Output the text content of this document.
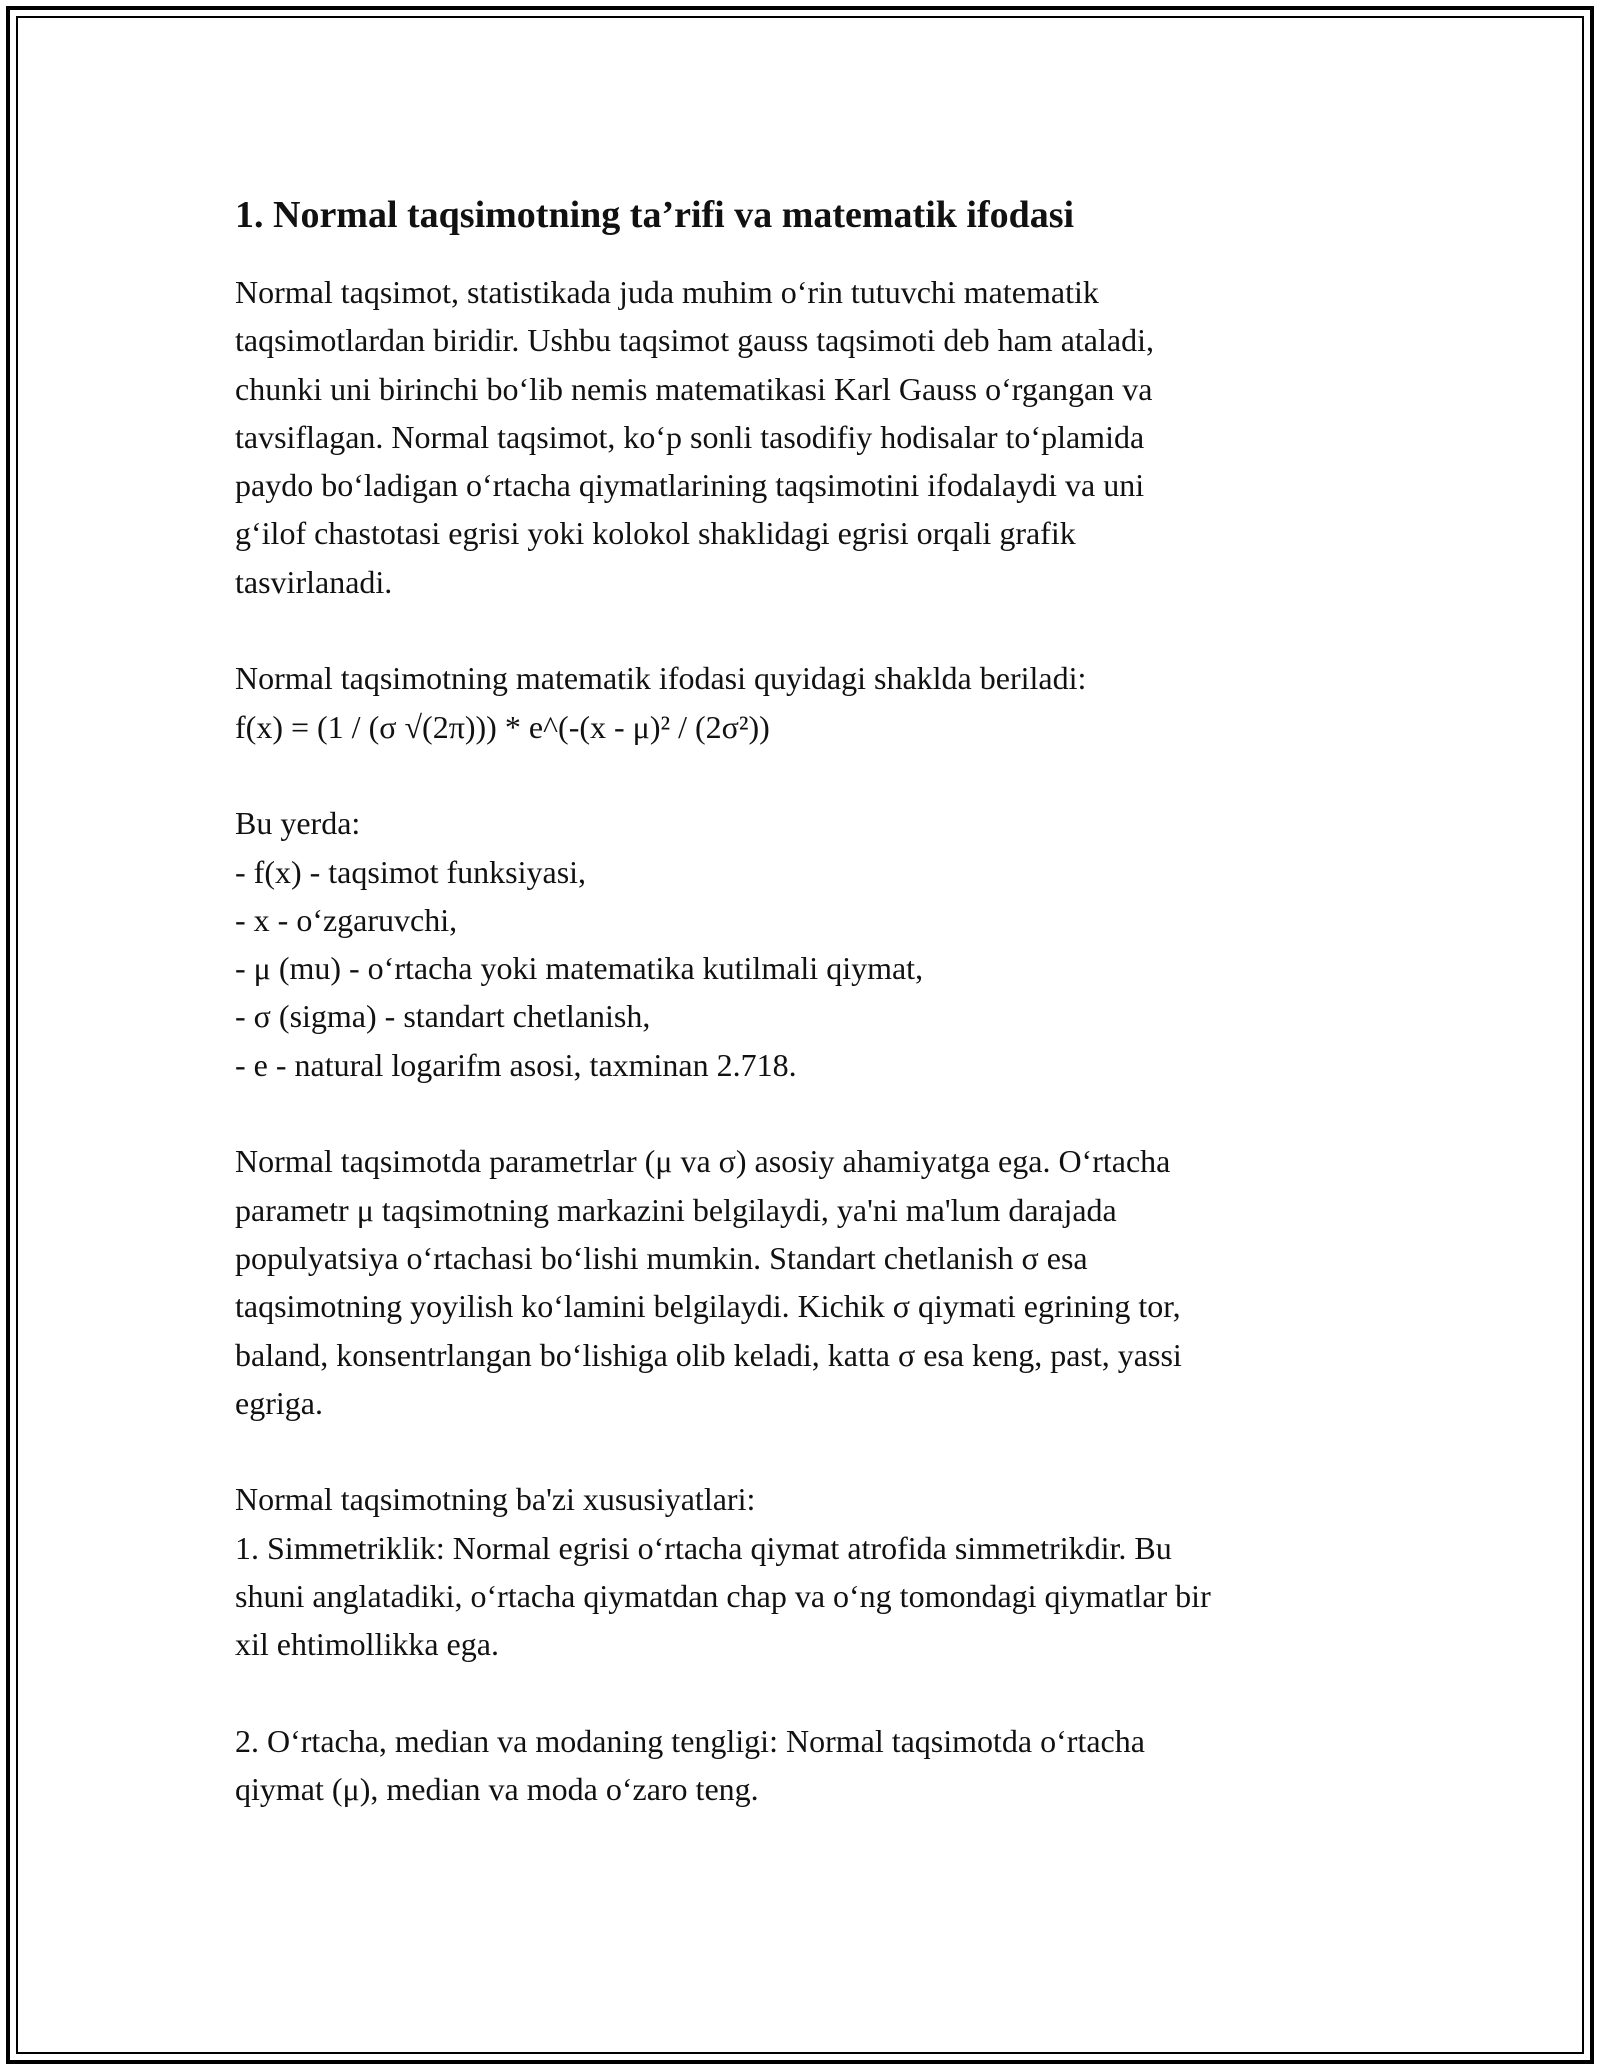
1. Normal taqsimotning ta’rifi va matematik ifodasi

Normal taqsimot, statistikada juda muhim o‘rin tutuvchi matematik
taqsimotlardan biridir. Ushbu taqsimot gauss taqsimoti deb ham ataladi,
chunki uni birinchi bo‘lib nemis matematikasi Karl Gauss o‘rgangan va
tavsiflagan. Normal taqsimot, ko‘p sonli tasodifiy hodisalar to‘plamida
paydo bo‘ladigan o‘rtacha qiymatlarining taqsimotini ifodalaydi va uni
g‘ilof chastotasi egrisi yoki kolokol shaklidagi egrisi orqali grafik
tasvirlanadi.

Normal taqsimotning matematik ifodasi quyidagi shaklda beriladi:
f(x) = (1 / (σ √(2π))) * e^(-(x - μ)² / (2σ²))

Bu yerda:
- f(x) - taqsimot funksiyasi,
- x - o‘zgaruvchi,
- μ (mu) - o‘rtacha yoki matematika kutilmali qiymat,
- σ (sigma) - standart chetlanish,
- e - natural logarifm asosi, taxminan 2.718.

Normal taqsimotda parametrlar (μ va σ) asosiy ahamiyatga ega. O‘rtacha
parametr μ taqsimotning markazini belgilaydi, ya'ni ma'lum darajada
populyatsiya o‘rtachasi bo‘lishi mumkin. Standart chetlanish σ esa
taqsimotning yoyilish ko‘lamini belgilaydi. Kichik σ qiymati egrining tor,
baland, konsentrlangan bo‘lishiga olib keladi, katta σ esa keng, past, yassi
egriga.

Normal taqsimotning ba'zi xususiyatlari:
1. Simmetriklik: Normal egrisi o‘rtacha qiymat atrofida simmetrikdir. Bu
shuni anglatadiki, o‘rtacha qiymatdan chap va o‘ng tomondagi qiymatlar bir
xil ehtimollikka ega.

2. O‘rtacha, median va modaning tengligi: Normal taqsimotda o‘rtacha
qiymat (μ), median va moda o‘zaro teng.
